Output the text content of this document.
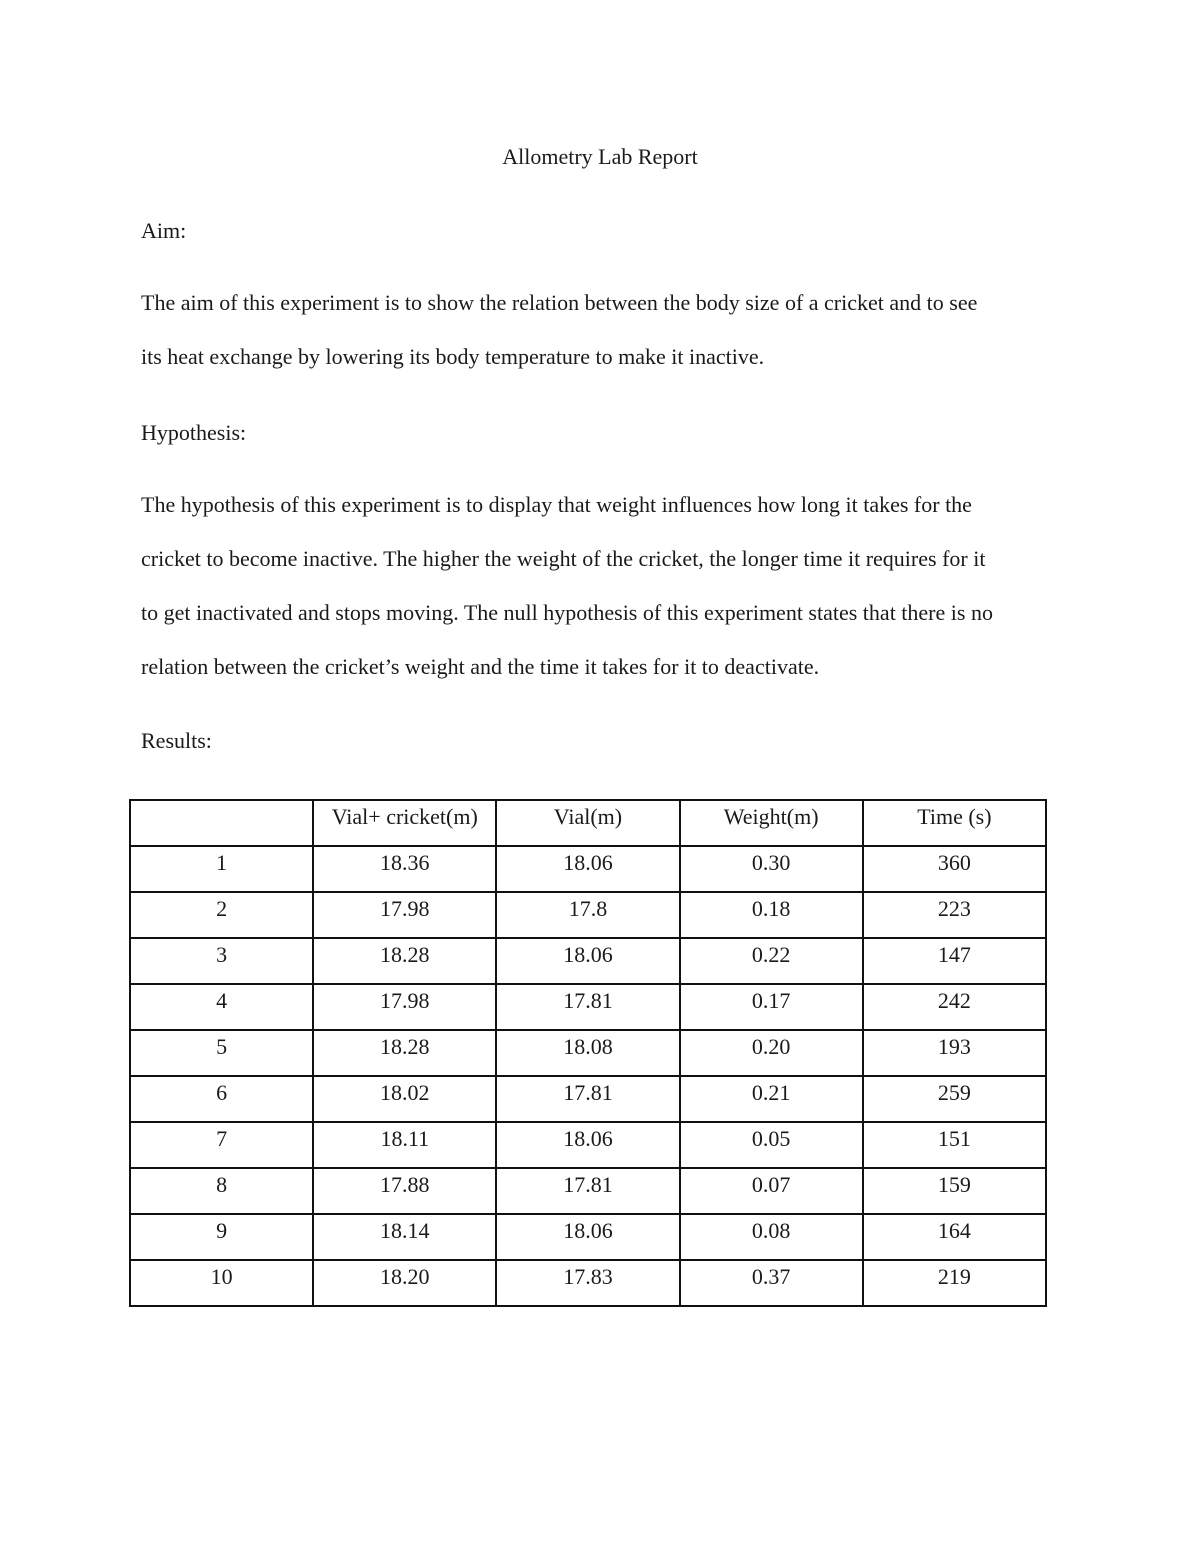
Allometry Lab Report
Aim:
The aim of this experiment is to show the relation between the body size of a cricket and to see
its heat exchange by lowering its body temperature to make it inactive.
Hypothesis:
The hypothesis of this experiment is to display that weight influences how long it takes for the
cricket to become inactive. The higher the weight of the cricket, the longer time it requires for it
to get inactivated and stops moving. The null hypothesis of this experiment states that there is no
relation between the cricket’s weight and the time it takes for it to deactivate.
Results:
	Vial+ cricket(m)	Vial(m)	Weight(m)	Time (s)
1	18.36	18.06	0.30	360
2	17.98	17.8	0.18	223
3	18.28	18.06	0.22	147
4	17.98	17.81	0.17	242
5	18.28	18.08	0.20	193
6	18.02	17.81	0.21	259
7	18.11	18.06	0.05	151
8	17.88	17.81	0.07	159
9	18.14	18.06	0.08	164
10	18.20	17.83	0.37	219
